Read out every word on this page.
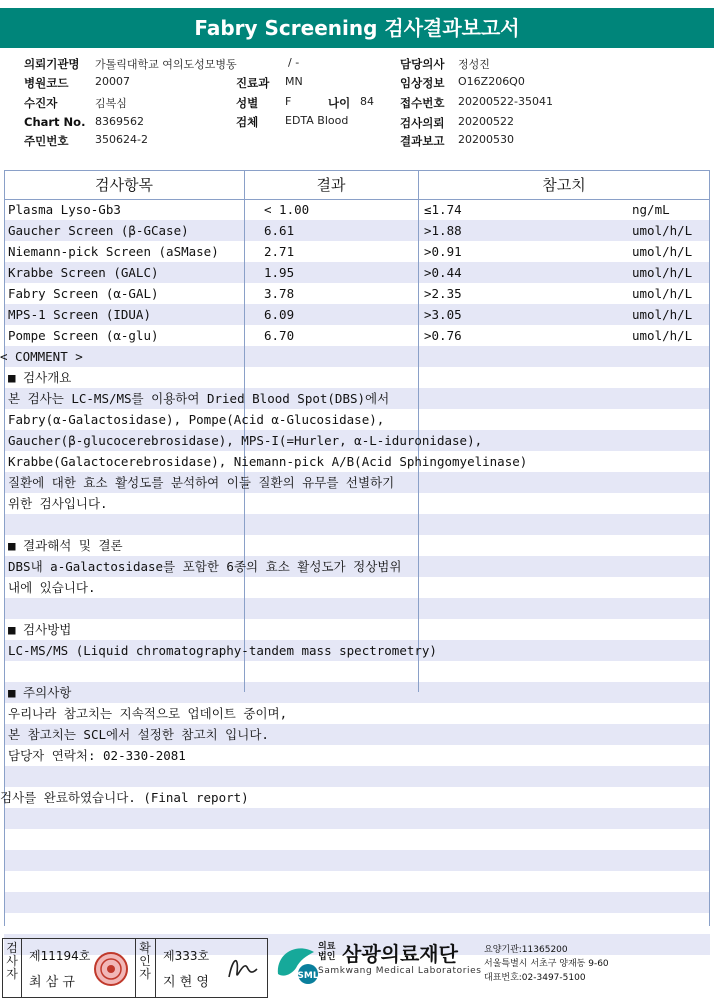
Fabry Screening 검사결과보고서
의뢰기관명 가톨릭대학교 여의도성모병동	/ -
병원코드 20007
수진자	김복심
Chart No. 8369562
주민번호 350624-2
진료과 MN
성별 F	나이 84
검체 EDTA Blood
담당의사 정성진
임상정보 O16Z206Q0
접수번호 20200522-35041
검사의뢰 20200522
결과보고 20200530
검사항목	결과	참고치
Plasma Lyso-Gb3	< 1.00	≤1.74	ng/mL
Gaucher Screen (β-GCase)	6.61	>1.88	umol/h/L
Niemann-pick Screen (aSMase)	2.71	>0.91	umol/h/L
Krabbe Screen (GALC)	1.95	>0.44	umol/h/L
Fabry Screen (α-GAL)	3.78	>2.35	umol/h/L
MPS-1 Screen (IDUA)	6.09	>3.05	umol/h/L
Pompe Screen (α-glu)	6.70	>0.76	umol/h/L
< COMMENT >
■ 검사개요
본 검사는 LC-MS/MS를 이용하여 Dried Blood Spot(DBS)에서
Fabry(α-Galactosidase), Pompe(Acid α-Glucosidase),
Gaucher(β-glucocerebrosidase), MPS-I(=Hurler, α-L-iduronidase),
Krabbe(Galactocerebrosidase), Niemann-pick A/B(Acid Sphingomyelinase)
질환에 대한 효소 활성도를 분석하여 이들 질환의 유무를 선별하기
위한 검사입니다.
■ 결과해석 및 결론
DBS내 a-Galactosidase를 포함한 6종의 효소 활성도가 정상범위
내에 있습니다.
■ 검사방법
LC-MS/MS (Liquid chromatography-tandem mass spectrometry)
■ 주의사항
우리나라 참고치는 지속적으로 업데이트 중이며,
본 참고치는 SCL에서 설정한 참고치 입니다.
담당자 연락처: 02-330-2081
검사를 완료하였습니다. (Final report)
검사자
제11194호
최 삼 규
확인자
제333호
지 현 영	SML
의료법인 삼광의료재단
Samkwang Medical Laboratories
요양기관:11365200
서울특별시 서초구 양재동 9-60
대표번호:02-3497-5100
